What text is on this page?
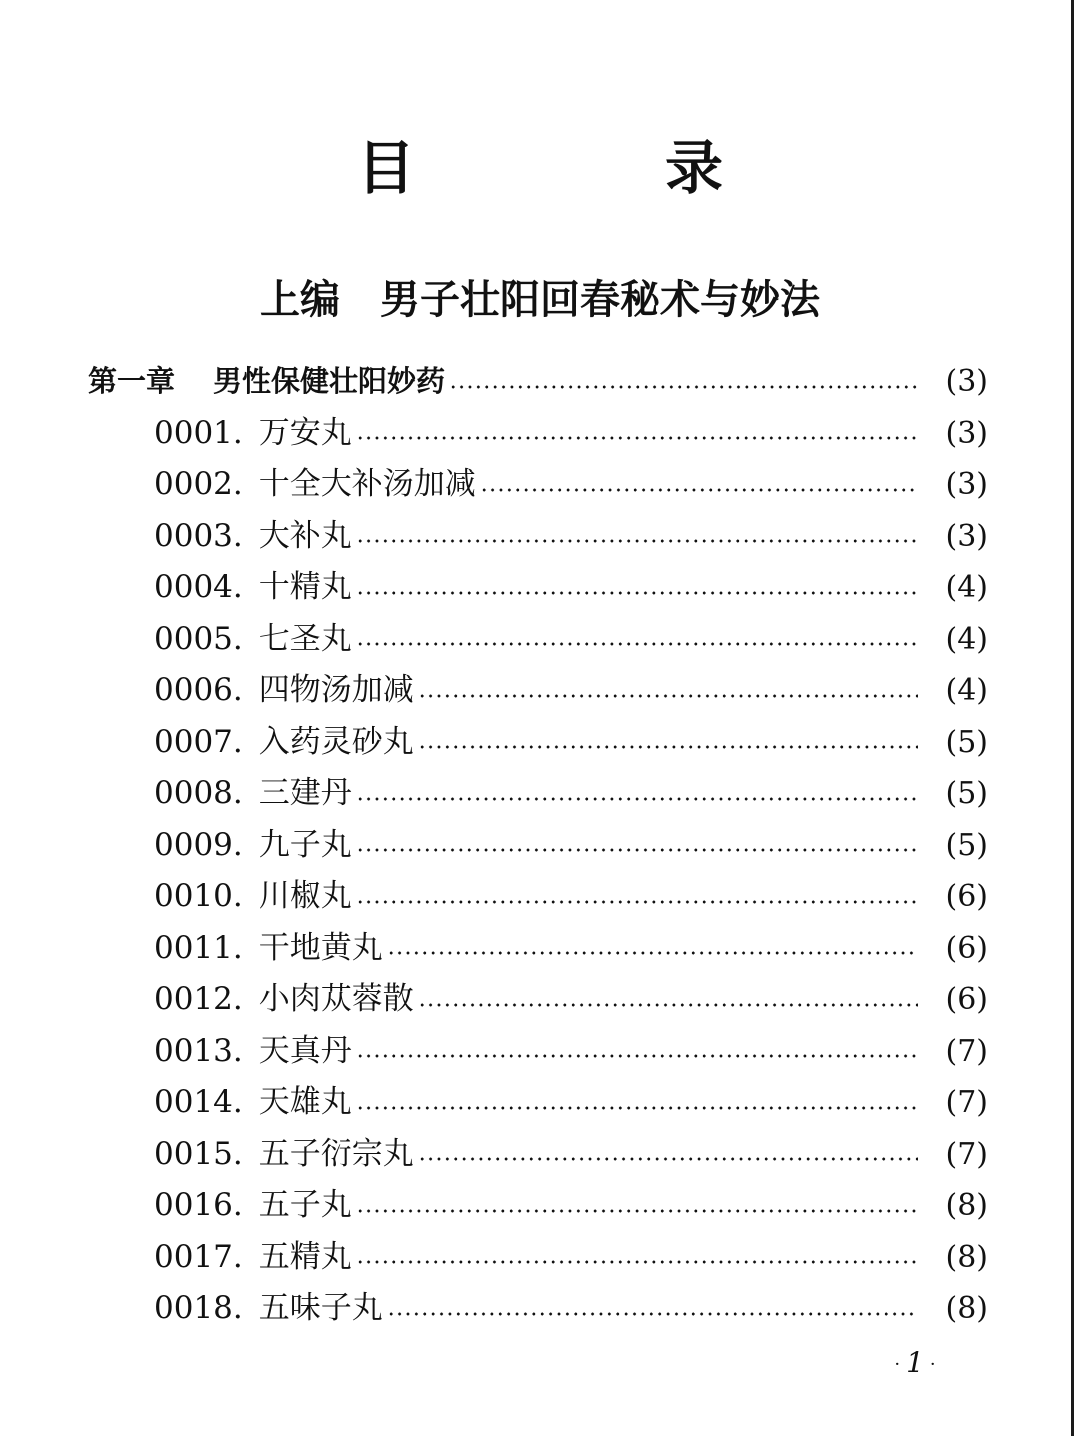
目　录
上编 男子壮阳回春秘术与妙法
第一章 男性保健壮阳妙药	(3)
0001 . 万安丸	(3)
0002 . 十全大补汤加减	(3)
0003 . 大补丸	(3)
0004 . 十精丸	(4)
0005 . 七圣丸	(4)
0006 . 四物汤加减	(4)
0007 . 入药灵砂丸	(5)
0008 . 三建丹	(5)
0009 . 九子丸	(5)
0010 . 川椒丸	(6)
0011 . 干地黄丸	(6)
0012 . 小肉苁蓉散	(6)
0013 . 天真丹	(7)
0014 . 天雄丸	(7)
0015 . 五子衍宗丸	(7)
0016 . 五子丸	(8)
0017 . 五精丸	(8)
0018 . 五味子丸	(8)
· 1 ·
